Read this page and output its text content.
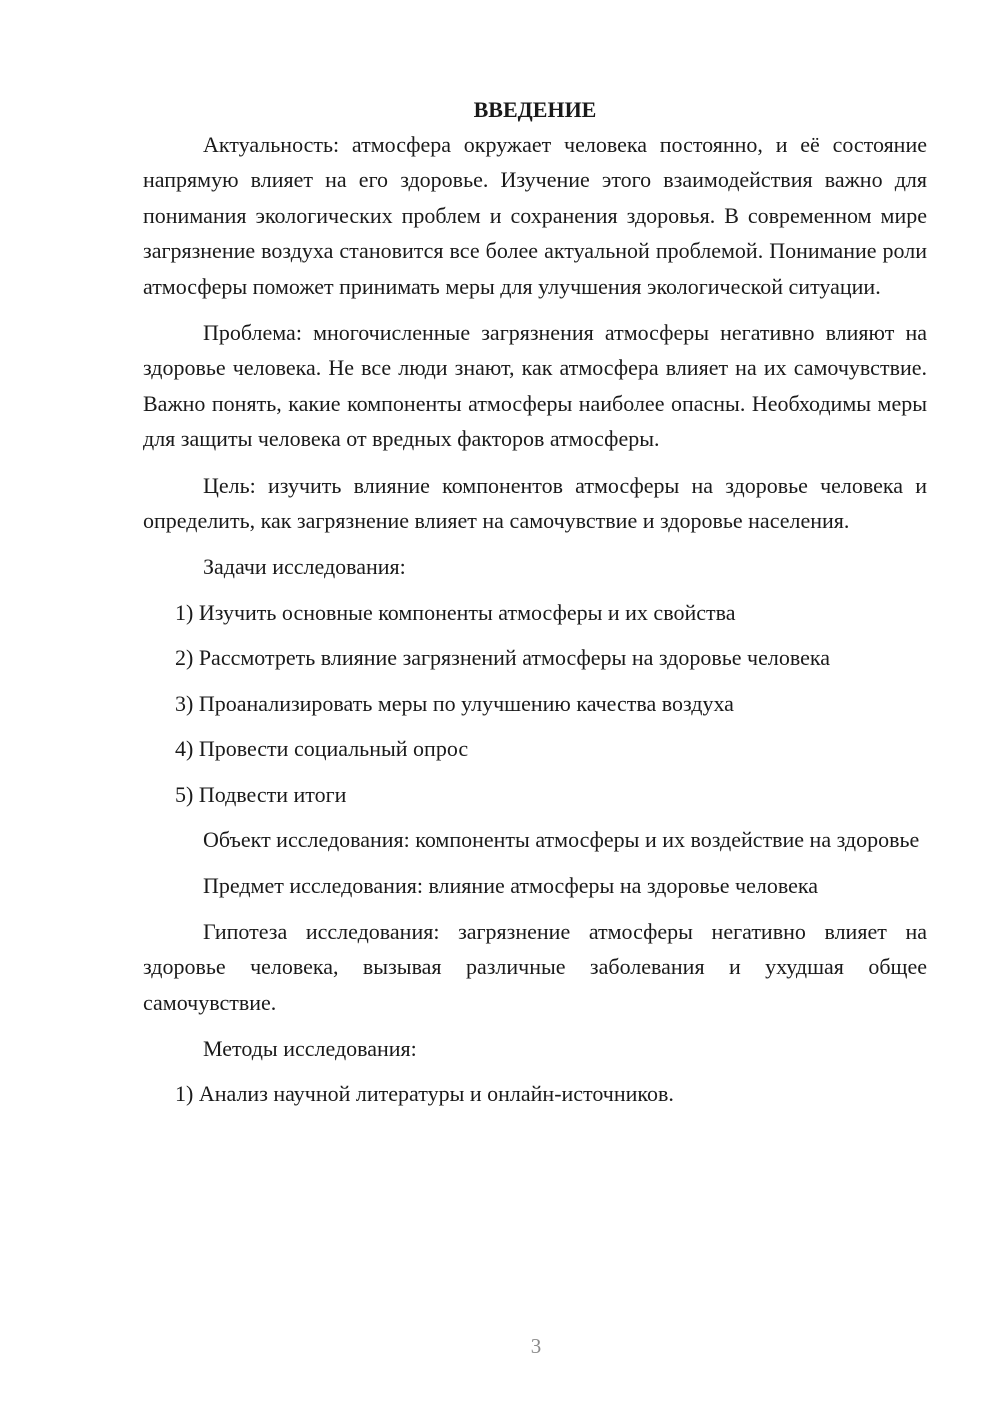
ВВЕДЕНИЕ

Актуальность: атмосфера окружает человека постоянно, и её состояние напрямую влияет на его здоровье. Изучение этого взаимодействия важно для понимания экологических проблем и сохранения здоровья. В современном мире загрязнение воздуха становится все более актуальной проблемой. Понимание роли атмосферы поможет принимать меры для улучшения экологической ситуации.

Проблема: многочисленные загрязнения атмосферы негативно влияют на здоровье человека. Не все люди знают, как атмосфера влияет на их самочувствие. Важно понять, какие компоненты атмосферы наиболее опасны. Необходимы меры для защиты человека от вредных факторов атмосферы.

Цель: изучить влияние компонентов атмосферы на здоровье человека и определить, как загрязнение влияет на самочувствие и здоровье населения.

Задачи исследования:

1) Изучить основные компоненты атмосферы и их свойства
2) Рассмотреть влияние загрязнений атмосферы на здоровье человека
3) Проанализировать меры по улучшению качества воздуха
4) Провести социальный опрос
5) Подвести итоги

Объект исследования: компоненты атмосферы и их воздействие на здоровье

Предмет исследования: влияние атмосферы на здоровье человека

Гипотеза исследования: загрязнение атмосферы негативно влияет на здоровье человека, вызывая различные заболевания и ухудшая общее самочувствие.

Методы исследования:

1) Анализ научной литературы и онлайн-источников.
3
